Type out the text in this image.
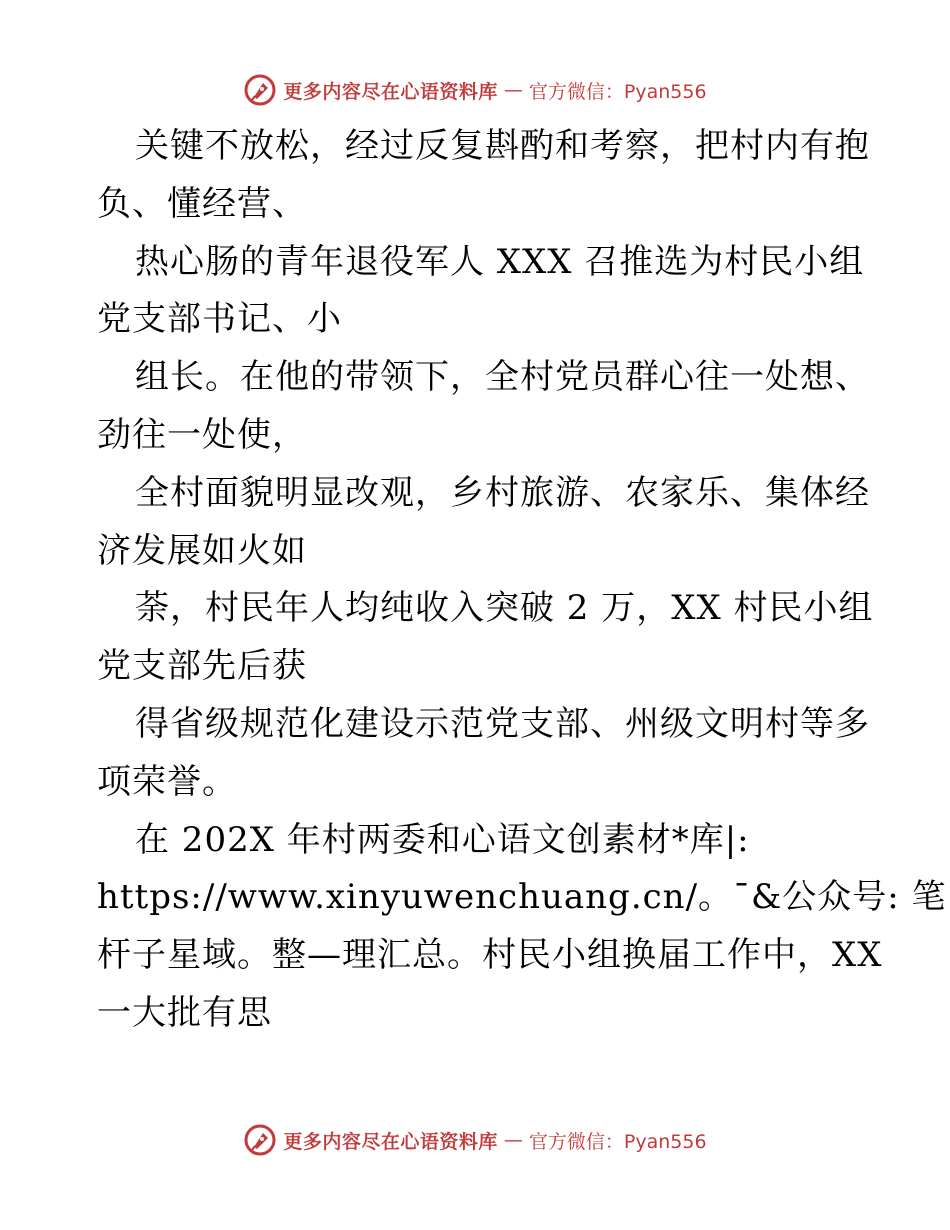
更多内容尽在心语资料库 — 官方微信：Pyan556
关键不放松，经过反复斟酌和考察，把村内有抱
负、懂经营、
热心肠的青年退役军人 XXX 召推选为村民小组
党支部书记、小
组长。在他的带领下，全村党员群心往一处想、
劲往一处使，
全村面貌明显改观，乡村旅游、农家乐、集体经
济发展如火如
荼，村民年人均纯收入突破 2 万，XX 村民小组
党支部先后获
得省级规范化建设示范党支部、州级文明村等多
项荣誉。
在 202X 年村两委和心语文创素材*库|:
https://www.xinyuwenchuang.cn/。¯&公众号: 笔
杆子星域。整—理汇总。村民小组换届工作中，XX
一大批有思
更多内容尽在心语资料库 — 官方微信：Pyan556
